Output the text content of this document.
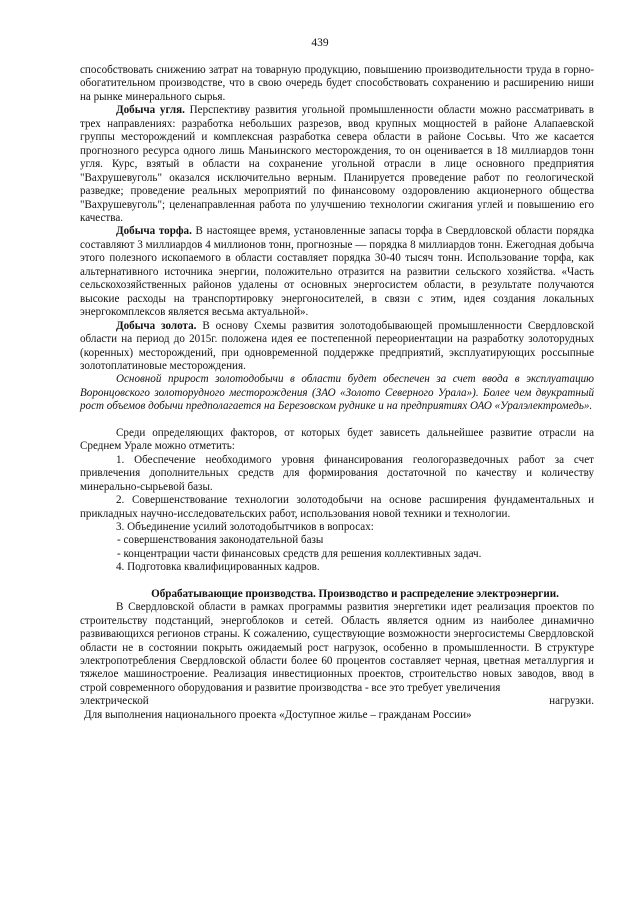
439

способствовать снижению затрат на товарную продукцию, повышению производительности труда в горно-обогатительном производстве, что в свою очередь будет способствовать сохранению и расширению ниши на рынке минерального сырья.

Добыча угля. Перспективу развития угольной промышленности области можно рассматривать в трех направлениях: разработка небольших разрезов, ввод крупных мощностей в районе Алапаевской группы месторождений и комплексная разработка севера области в районе Сосьвы. Что же касается прогнозного ресурса одного лишь Маньинского месторождения, то он оценивается в 18 миллиардов тонн угля. Курс, взятый в области на сохранение угольной отрасли в лице основного предприятия "Вахрушевуголь" оказался исключительно верным. Планируется проведение работ по геологической разведке; проведение реальных мероприятий по финансовому оздоровлению акционерного общества "Вахрушевуголь"; целенаправленная работа по улучшению технологии сжигания углей и повышению его качества.

Добыча торфа. В настоящее время, установленные запасы торфа в Свердловской области порядка составляют 3 миллиардов 4 миллионов тонн, прогнозные — порядка 8 миллиардов тонн. Ежегодная добыча этого полезного ископаемого в области составляет порядка 30-40 тысяч тонн. Использование торфа, как альтернативного источника энергии, положительно отразится на развитии сельского хозяйства. «Часть сельскохозяйственных районов удалены от основных энергосистем области, в результате получаются высокие расходы на транспортировку энергоносителей, в связи с этим, идея создания локальных энергокомплексов является весьма актуальной».

Добыча золота. В основу Схемы развития золотодобывающей промышленности Свердловской области на период до 2015г. положена идея ее постепенной переориентации на разработку золоторудных (коренных) месторождений, при одновременной поддержке предприятий, эксплуатирующих россыпные золотоплатиновые месторождения.

Основной прирост золотодобычи в области будет обеспечен за счет ввода в эксплуатацию Воронцовского золоторудного месторождения (ЗАО «Золото Северного Урала»). Более чем двукратный рост объемов добычи предполагается на Березовском руднике и на предприятиях ОАО «Уралэлектромедь».

Среди определяющих факторов, от которых будет зависеть дальнейшее развитие отрасли на Среднем Урале можно отметить:

1. Обеспечение необходимого уровня финансирования геологоразведочных работ за счет привлечения дополнительных средств для формирования достаточной по качеству и количеству минерально-сырьевой базы.

2. Совершенствование технологии золотодобычи на основе расширения фундаментальных и прикладных научно-исследовательских работ, использования новой техники и технологии.

3. Объединение усилий золотодобытчиков в вопросах:

- совершенствования законодательной базы

- концентрации части финансовых средств для решения коллективных задач.

4. Подготовка квалифицированных кадров.

Обрабатывающие производства. Производство и распределение электроэнергии.

В Свердловской области в рамках программы развития энергетики идет реализация проектов по строительству подстанций, энергоблоков и сетей. Область является одним из наиболее динамично развивающихся регионов страны. К сожалению, существующие возможности энергосистемы Свердловской области не в состоянии покрыть ожидаемый рост нагрузок, особенно в промышленности. В структуре электропотребления Свердловской области более 60 процентов составляет черная, цветная металлургия и тяжелое машиностроение. Реализация инвестиционных проектов, строительство новых заводов, ввод в строй современного оборудования и развитие производства - все это требует увеличения

электрической	нагрузки.

Для выполнения национального проекта «Доступное жилье – гражданам России»
